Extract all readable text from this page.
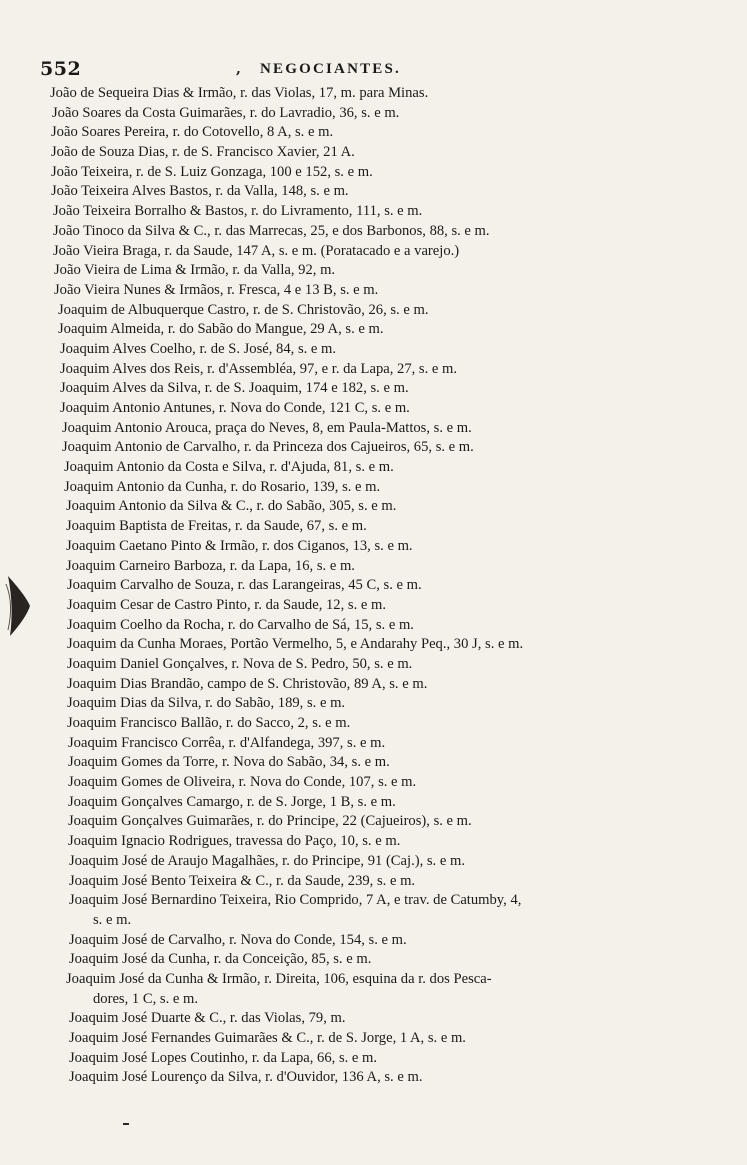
552	, NEGOCIANTES.
João de Sequeira Dias & Irmão, r. das Violas, 17, m. para Minas.
João Soares da Costa Guimarães, r. do Lavradio, 36, s. e m.
João Soares Pereira, r. do Cotovello, 8 A, s. e m.
João de Souza Dias, r. de S. Francisco Xavier, 21 A.
João Teixeira, r. de S. Luiz Gonzaga, 100 e 152, s. e m.
João Teixeira Alves Bastos, r. da Valla, 148, s. e m.
João Teixeira Borralho & Bastos, r. do Livramento, 111, s. e m.
João Tinoco da Silva & C., r. das Marrecas, 25, e dos Barbonos, 88, s. e m.
João Vieira Braga, r. da Saude, 147 A, s. e m. (Poratacado e a varejo.)
João Vieira de Lima & Irmão, r. da Valla, 92, m.
João Vieira Nunes & Irmãos, r. Fresca, 4 e 13 B, s. e m.
Joaquim de Albuquerque Castro, r. de S. Christovão, 26, s. e m.
Joaquim Almeida, r. do Sabão do Mangue, 29 A, s. e m.
Joaquim Alves Coelho, r. de S. José, 84, s. e m.
Joaquim Alves dos Reis, r. d'Assembléa, 97, e r. da Lapa, 27, s. e m.
Joaquim Alves da Silva, r. de S. Joaquim, 174 e 182, s. e m.
Joaquim Antonio Antunes, r. Nova do Conde, 121 C, s. e m.
Joaquim Antonio Arouca, praça do Neves, 8, em Paula-Mattos, s. e m.
Joaquim Antonio de Carvalho, r. da Princeza dos Cajueiros, 65, s. e m.
Joaquim Antonio da Costa e Silva, r. d'Ajuda, 81, s. e m.
Joaquim Antonio da Cunha, r. do Rosario, 139, s. e m.
Joaquim Antonio da Silva & C., r. do Sabão, 305, s. e m.
Joaquim Baptista de Freitas, r. da Saude, 67, s. e m.
Joaquim Caetano Pinto & Irmão, r. dos Ciganos, 13, s. e m.
Joaquim Carneiro Barboza, r. da Lapa, 16, s. e m.
Joaquim Carvalho de Souza, r. das Larangeiras, 45 C, s. e m.
Joaquim Cesar de Castro Pinto, r. da Saude, 12, s. e m.
Joaquim Coelho da Rocha, r. do Carvalho de Sá, 15, s. e m.
Joaquim da Cunha Moraes, Portão Vermelho, 5, e Andarahy Peq., 30 J, s. e m.
Joaquim Daniel Gonçalves, r. Nova de S. Pedro, 50, s. e m.
Joaquim Dias Brandão, campo de S. Christovão, 89 A, s. e m.
Joaquim Dias da Silva, r. do Sabão, 189, s. e m.
Joaquim Francisco Ballão, r. do Sacco, 2, s. e m.
Joaquim Francisco Corrêa, r. d'Alfandega, 397, s. e m.
Joaquim Gomes da Torre, r. Nova do Sabão, 34, s. e m.
Joaquim Gomes de Oliveira, r. Nova do Conde, 107, s. e m.
Joaquim Gonçalves Camargo, r. de S. Jorge, 1 B, s. e m.
Joaquim Gonçalves Guimarães, r. do Principe, 22 (Cajueiros), s. e m.
Joaquim Ignacio Rodrigues, travessa do Paço, 10, s. e m.
Joaquim José de Araujo Magalhães, r. do Principe, 91 (Caj.), s. e m.
Joaquim José Bento Teixeira & C., r. da Saude, 239, s. e m.
Joaquim José Bernardino Teixeira, Rio Comprido, 7 A, e trav. de Catumby, 4,
s. e m.
Joaquim José de Carvalho, r. Nova do Conde, 154, s. e m.
Joaquim José da Cunha, r. da Conceição, 85, s. e m.
Joaquim José da Cunha & Irmão, r. Direita, 106, esquina da r. dos Pesca-
dores, 1 C, s. e m.
Joaquim José Duarte & C., r. das Violas, 79, m.
Joaquim José Fernandes Guimarães & C., r. de S. Jorge, 1 A, s. e m.
Joaquim José Lopes Coutinho, r. da Lapa, 66, s. e m.
Joaquim José Lourenço da Silva, r. d'Ouvidor, 136 A, s. e m.
